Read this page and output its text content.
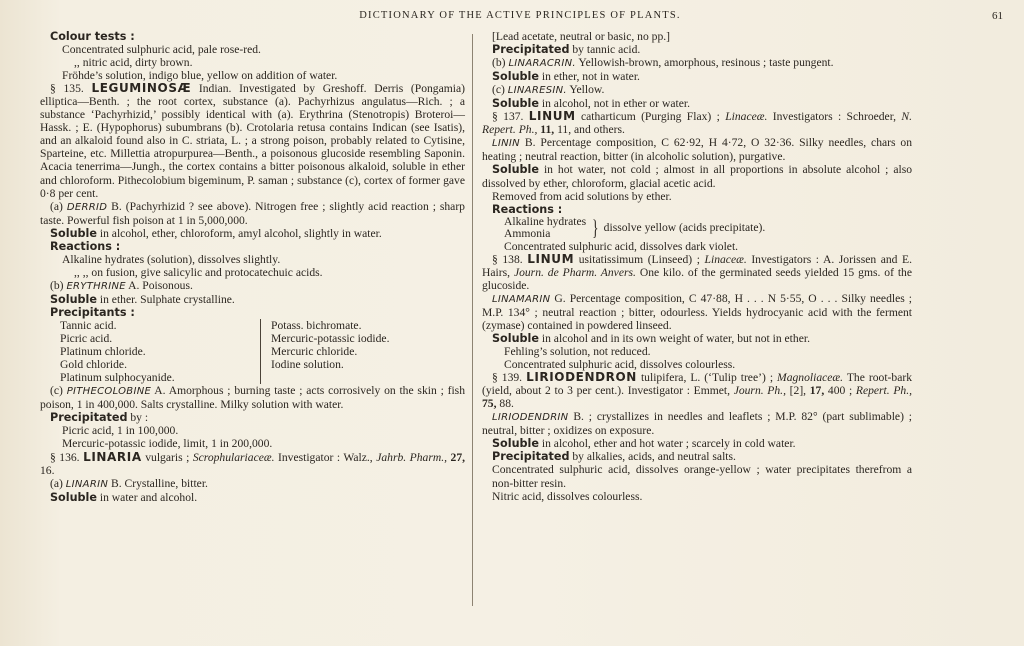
DICTIONARY OF THE ACTIVE PRINCIPLES OF PLANTS.	61

Colour tests :

Concentrated sulphuric acid, pale rose-red.

,, nitric acid, dirty brown.

Fröhde’s solution, indigo blue, yellow on addition of water.

§ 135. LEGUMINOSÆ Indian. Investigated by Greshoff. Derris (Pongamia) elliptica—Benth. ; the root cortex, substance (a). Pachyrhizus angulatus—Rich. ; a substance ‘Pachyrhizid,’ possibly identical with (a). Erythrina (Stenotropis) Broteroi—Hassk. ; E. (Hypophorus) subumbrans (b). Crotolaria retusa contains Indican (see Isatis), and an alkaloid found also in C. striata, L. ; a strong poison, probably related to Cytisine, Sparteine, etc. Millettia atropurpurea—Benth., a poisonous glucoside resembling Saponin. Acacia tenerrima—Jungh., the cortex contains a bitter poisonous alkaloid, soluble in ether and chloroform. Pithecolobium bigeminum, P. saman ; substance (c), cortex of former gave 0·8 per cent.

(a) DERRID B. (Pachyrhizid ? see above). Nitrogen free ; slightly acid reaction ; sharp taste. Powerful fish poison at 1 in 5,000,000.

Soluble in alcohol, ether, chloroform, amyl alcohol, slightly in water.

Reactions :

Alkaline hydrates (solution), dissolves slightly.

,, ,, on fusion, give salicylic and protocatechuic acids.

(b) ERYTHRINE A. Poisonous.

Soluble in ether. Sulphate crystalline.

Precipitants :

Tannic acid.

Picric acid.

Platinum chloride.

Gold chloride.

Platinum sulphocyanide.

Potass. bichromate.

Mercuric-potassic iodide.

Mercuric chloride.

Iodine solution.

(c) PITHECOLOBINE A. Amorphous ; burning taste ; acts corrosively on the skin ; fish poison, 1 in 400,000. Salts crystalline. Milky solution with water.

Precipitated by :

Picric acid, 1 in 100,000.

Mercuric-potassic iodide, limit, 1 in 200,000.

§ 136. LINARIA vulgaris ; Scrophulariaceæ. Investigator : Walz., Jahrb. Pharm., 27, 16.

(a) LINARIN B. Crystalline, bitter.

Soluble in water and alcohol.

[Lead acetate, neutral or basic, no pp.]

Precipitated by tannic acid.

(b) LINARACRIN. Yellowish-brown, amorphous, resinous ; taste pungent.

Soluble in ether, not in water.

(c) LINARESIN. Yellow.

Soluble in alcohol, not in ether or water.

§ 137. LINUM catharticum (Purging Flax) ; Linaceæ. Investigators : Schroeder, N. Repert. Ph., 11, 11, and others.

LININ B. Percentage composition, C 62·92, H 4·72, O 32·36. Silky needles, chars on heating ; neutral reaction, bitter (in alcoholic solution), purgative.

Soluble in hot water, not cold ; almost in all proportions in absolute alcohol ; also dissolved by ether, chloroform, glacial acetic acid.

Removed from acid solutions by ether.

Reactions :

Alkaline hydrates

Ammonia	} dissolve yellow (acids precipitate).

Concentrated sulphuric acid, dissolves dark violet.

§ 138. LINUM usitatissimum (Linseed) ; Linaceæ. Investigators : A. Jorissen and E. Hairs, Journ. de Pharm. Anvers. One kilo. of the germinated seeds yielded 15 gms. of the glucoside.

LINAMARIN G. Percentage composition, C 47·88, H . . . N 5·55, O . . . Silky needles ; M.P. 134° ; neutral reaction ; bitter, odourless. Yields hydrocyanic acid with the ferment (zymase) contained in powdered linseed.

Soluble in alcohol and in its own weight of water, but not in ether.

Fehling’s solution, not reduced.

Concentrated sulphuric acid, dissolves colourless.

§ 139. LIRIODENDRON tulipifera, L. (‘Tulip tree’) ; Magnoliaceæ. The root-bark (yield, about 2 to 3 per cent.). Investigator : Emmet, Journ. Ph., [2], 17, 400 ; Repert. Ph., 75, 88.

LIRIODENDRIN B. ; crystallizes in needles and leaflets ; M.P. 82° (part sublimable) ; neutral, bitter ; oxidizes on exposure.

Soluble in alcohol, ether and hot water ; scarcely in cold water.

Precipitated by alkalies, acids, and neutral salts.

Concentrated sulphuric acid, dissolves orange-yellow ; water precipitates therefrom a non-bitter resin.

Nitric acid, dissolves colourless.
